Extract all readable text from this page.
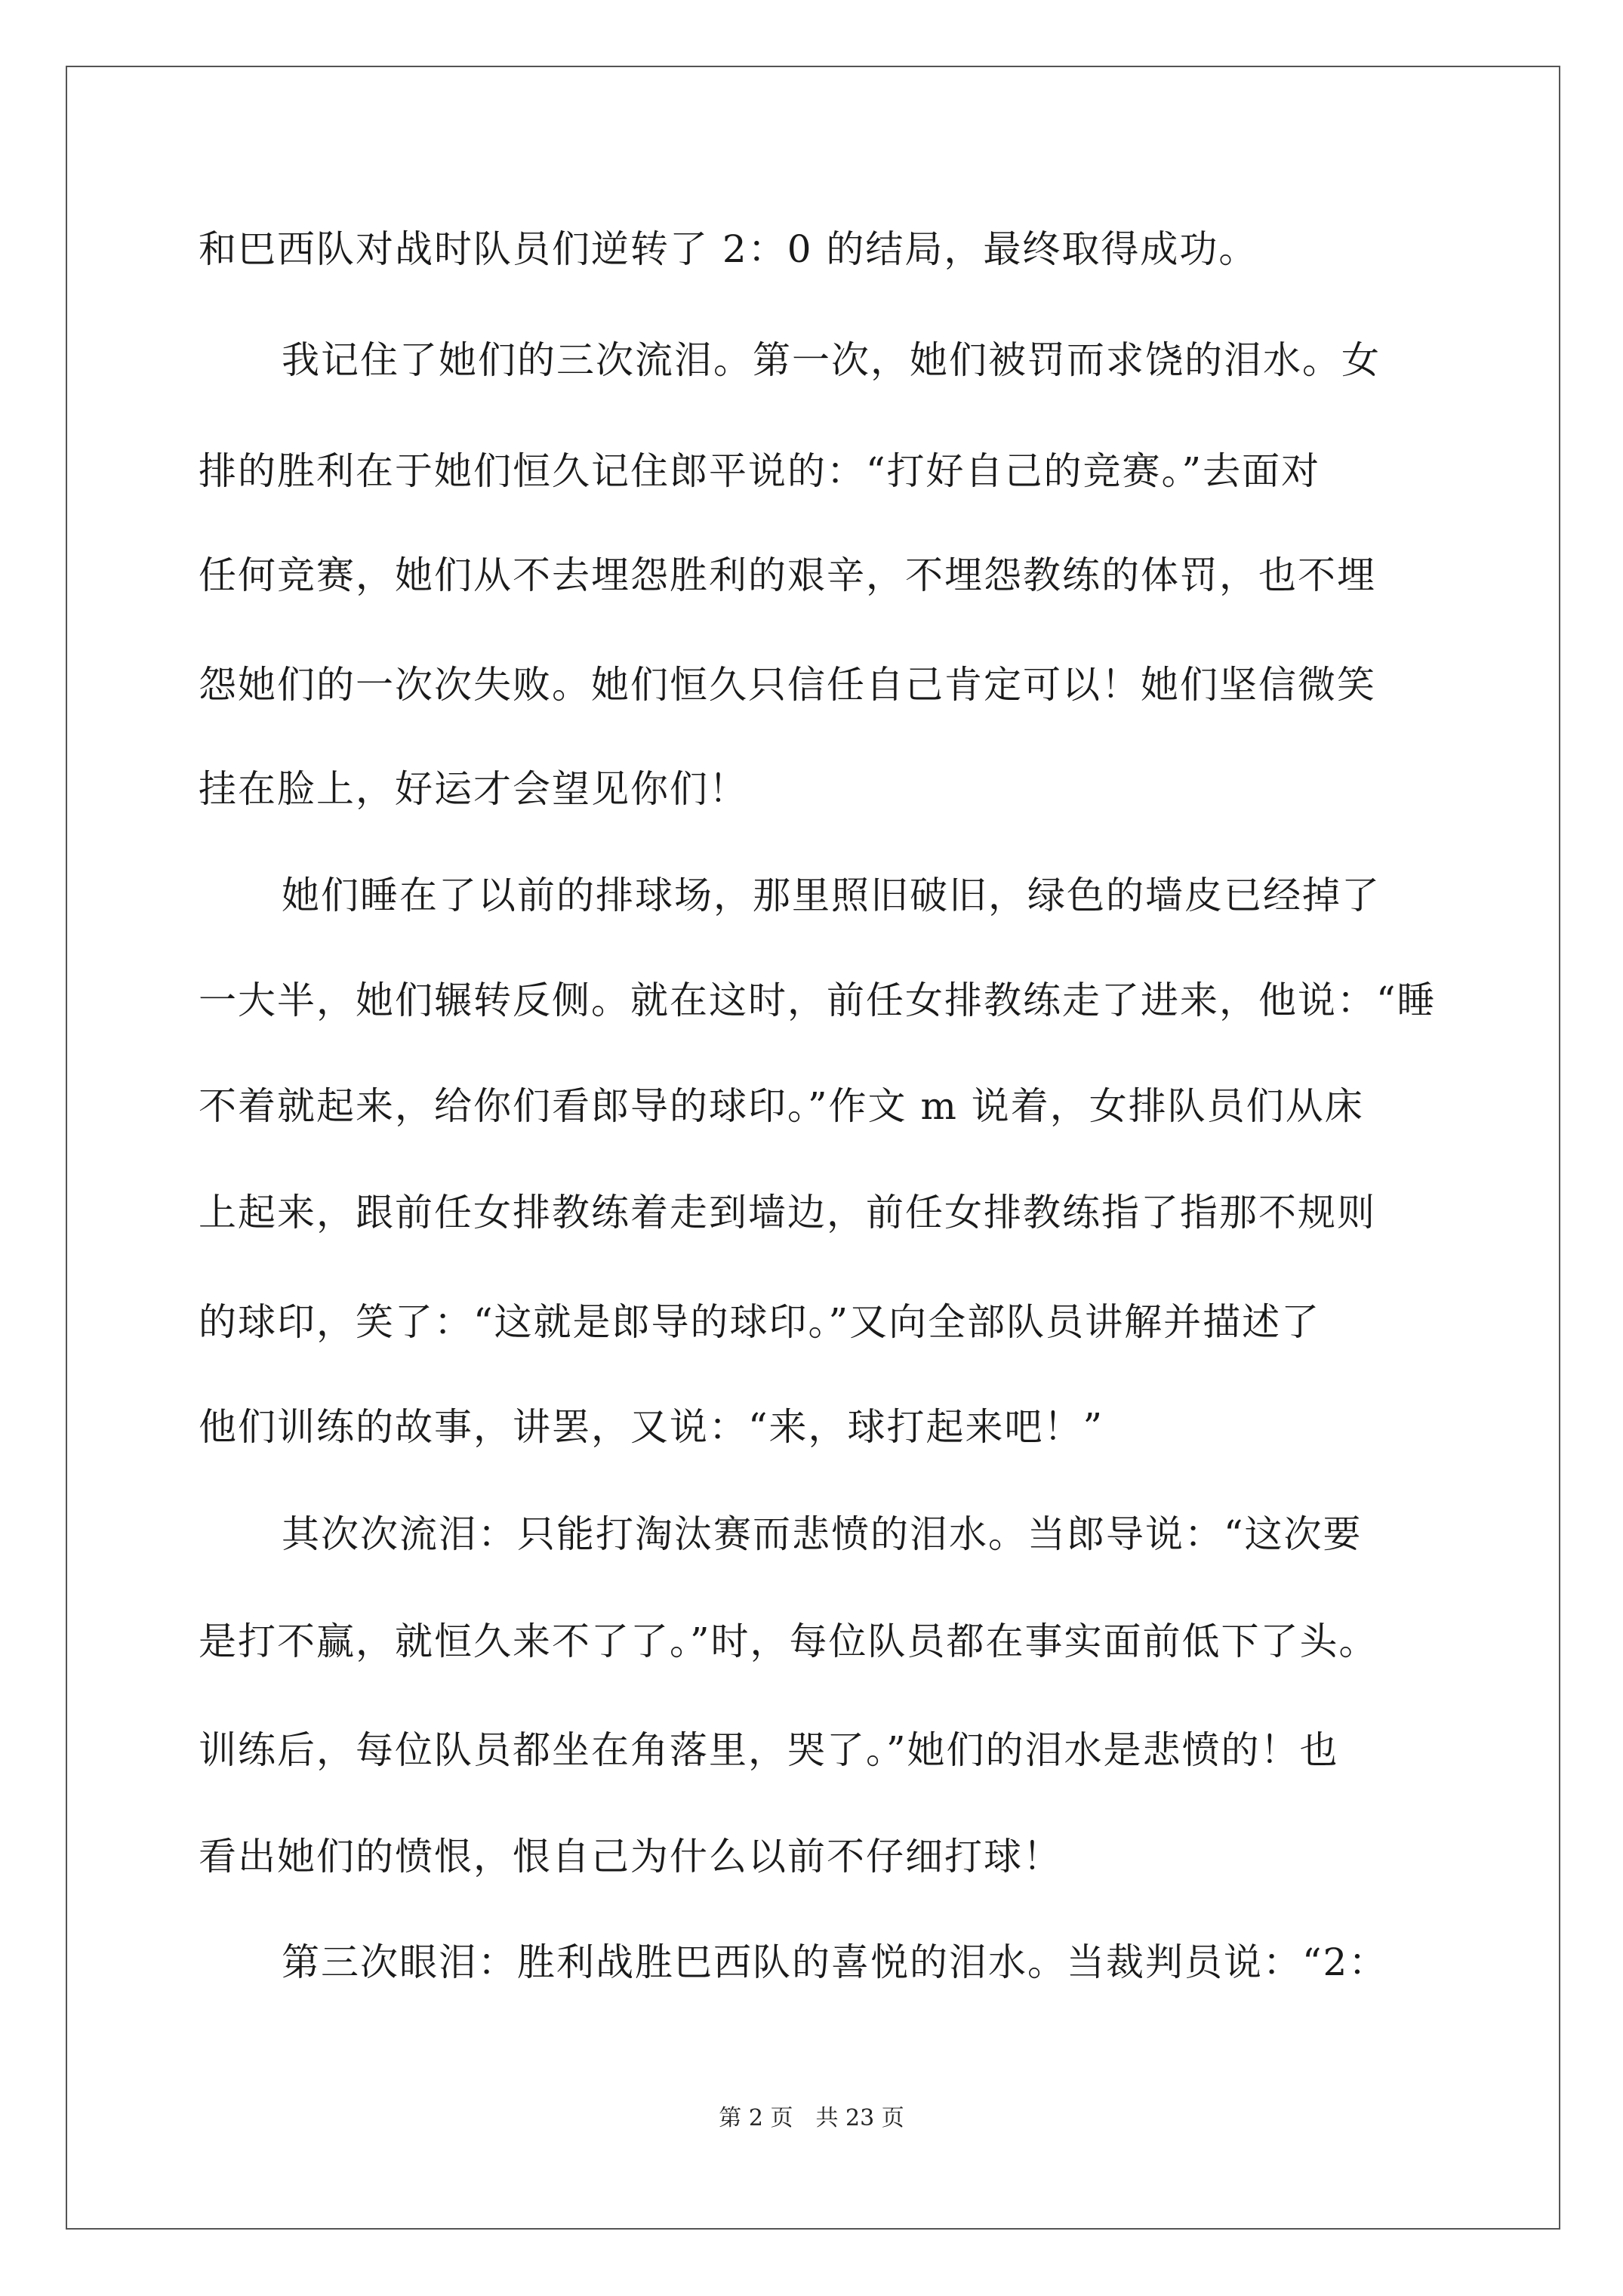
和巴西队对战时队员们逆转了 2：0 的结局，最终取得成功。
我记住了她们的三次流泪。第一次，她们被罚而求饶的泪水。女
排的胜利在于她们恒久记住郎平说的：“打好自己的竞赛。”去面对
任何竞赛，她们从不去埋怨胜利的艰辛，不埋怨教练的体罚，也不埋
怨她们的一次次失败。她们恒久只信任自己肯定可以！她们坚信微笑
挂在脸上，好运才会望见你们！
她们睡在了以前的排球场，那里照旧破旧，绿色的墙皮已经掉了
一大半，她们辗转反侧。就在这时，前任女排教练走了进来，他说：“睡
不着就起来，给你们看郎导的球印。”作文 m 说着，女排队员们从床
上起来，跟前任女排教练着走到墙边，前任女排教练指了指那不规则
的球印，笑了：“这就是郎导的球印。”又向全部队员讲解并描述了
他们训练的故事，讲罢，又说：“来，球打起来吧！”
其次次流泪：只能打淘汰赛而悲愤的泪水。当郎导说：“这次要
是打不赢，就恒久来不了了。”时，每位队员都在事实面前低下了头。
训练后，每位队员都坐在角落里，哭了。”她们的泪水是悲愤的！也
看出她们的愤恨，恨自己为什么以前不仔细打球！
第三次眼泪：胜利战胜巴西队的喜悦的泪水。当裁判员说：“2：
第 2 页　共 23 页
